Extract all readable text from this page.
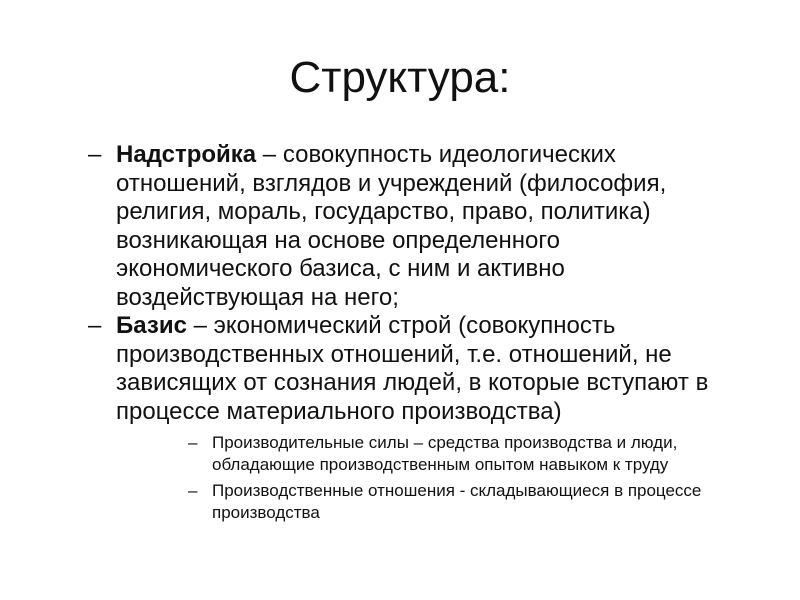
Структура:
– Надстройка – совокупность идеологических отношений, взглядов и учреждений (философия, религия, мораль, государство, право, политика) возникающая на основе определенного экономического базиса, с ним и активно воздействующая на него;
– Базис – экономический строй (совокупность производственных отношений, т.е. отношений, не зависящих от сознания людей, в которые вступают в процессе материального производства)
– Производительные силы – средства производства и люди, обладающие производственным опытом навыком к труду
– Производственные отношения - складывающиеся в процессе производства
